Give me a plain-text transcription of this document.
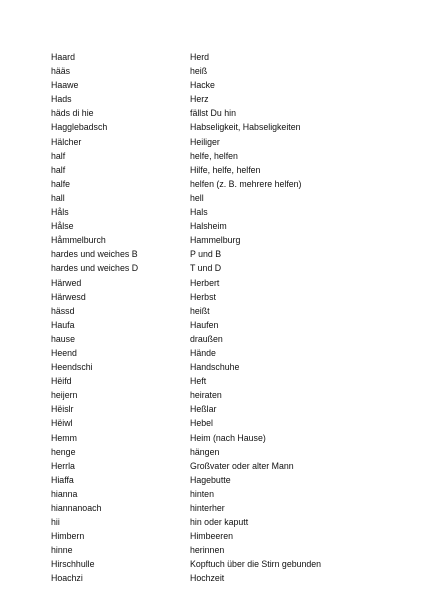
Haard	Herd
hääs	heiß
Haawe	Hacke
Hads	Herz
häds di hie	fällst Du hin
Hagglebadsch	Habseligkeit, Habseligkeiten
Hälcher	Heiliger
half	helfe, helfen
half	Hilfe, helfe, helfen
halfe	helfen (z. B. mehrere helfen)
hall	hell
Håls	Hals
Hålse	Halsheim
Håmmelburch	Hammelburg
hardes und weiches B	P und B
hardes und weiches D	T und D
Härwed	Herbert
Härwesd	Herbst
hässd	heißt
Haufa	Haufen
hause	draußen
Heend	Hände
Heendschi	Handschuhe
Hëifd	Heft
heijern	heiraten
Hëislr	Heßlar
Hëiwl	Hebel
Hemm	Heim (nach Hause)
henge	hängen
Herrla	Großvater oder alter Mann
Hiaffa	Hagebutte
hianna	hinten
hiannanoach	hinterher
hii	hin oder kaputt
Himbern	Himbeeren
hinne	herinnen
Hirschhulle	Kopftuch über die Stirn gebunden
Hoachzi	Hochzeit
